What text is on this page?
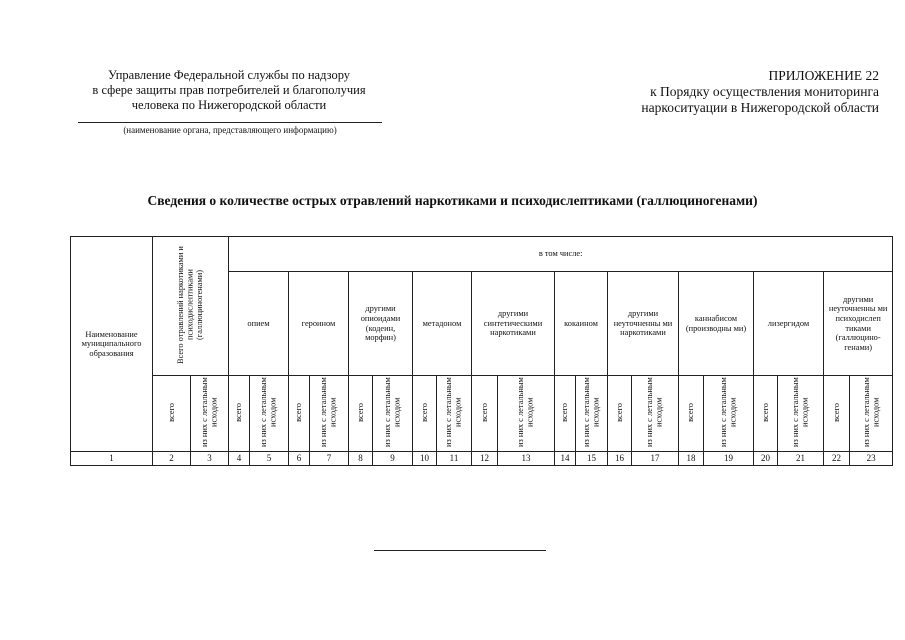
Управление Федеральной службы по надзору
в сфере защиты прав потребителей и благополучия
человека по Нижегородской области
(наименование органа, представляющего информацию)
ПРИЛОЖЕНИЕ 22
к Порядку осуществления мониторинга
наркоситуации в Нижегородской области
Сведения о количестве острых отравлений наркотиками и психодислептиками (галлюциногенами)
Наименование муниципального образования	Всего отравлений наркотиками и психодислептиками (галлюциногенами)		в том числе:																			
			опием		героином		другими опиоидами (кодеин, морфин)		метадоном		другими синтетическими наркотиками		кокаином		другими неуточненны ми наркотиками		каннабисом (производны ми)		лизергидом		другими неуточненны ми психодислеп тиками (галлюцино- генами)	
	всего	из них с летальным исходом	всего	из них с летальным исходом	всего	из них с летальным исходом	всего	из них с летальным исходом	всего	из них с летальным исходом	всего	из них с летальным исходом	всего	из них с летальным исходом	всего	из них с летальным исходом	всего	из них с летальным исходом	всего	из них с летальным исходом	всего	из них с летальным исходом
1	2	3	4	5	6	7	8	9	10	11	12	13	14	15	16	17	18	19	20	21	22	23
